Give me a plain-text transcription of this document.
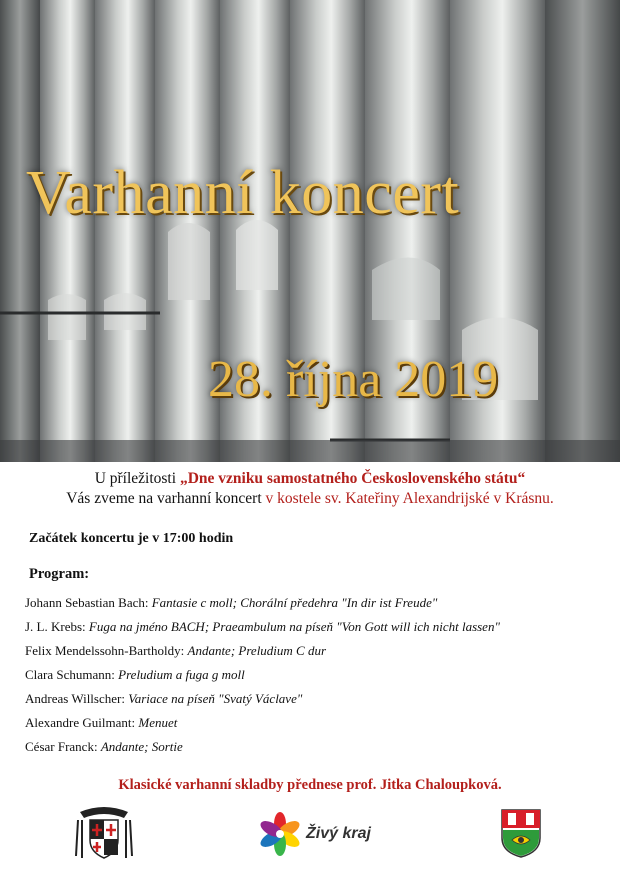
Varhanní koncert
28. října 2019
U příležitosti „Dne vzniku samostatného Československého státu“
Vás zveme na varhanní koncert v kostele sv. Kateřiny Alexandrijské v Krásnu.
Začátek koncertu je v 17:00 hodin
Program:
Johann Sebastian Bach: Fantasie c moll; Chorální předehra "In dir ist Freude"
J. L. Krebs: Fuga na jméno BACH; Praeambulum na píseň "Von Gott will ich nicht lassen"
Felix Mendelssohn-Bartholdy: Andante; Preludium C dur
Clara Schumann: Preludium a fuga g moll
Andreas Willscher: Variace na píseň "Svatý Václave"
Alexandre Guilmant: Menuet
César Franck: Andante; Sortie
Klasické varhanní skladby přednese prof. Jitka Chaloupková.
Živý kraj
